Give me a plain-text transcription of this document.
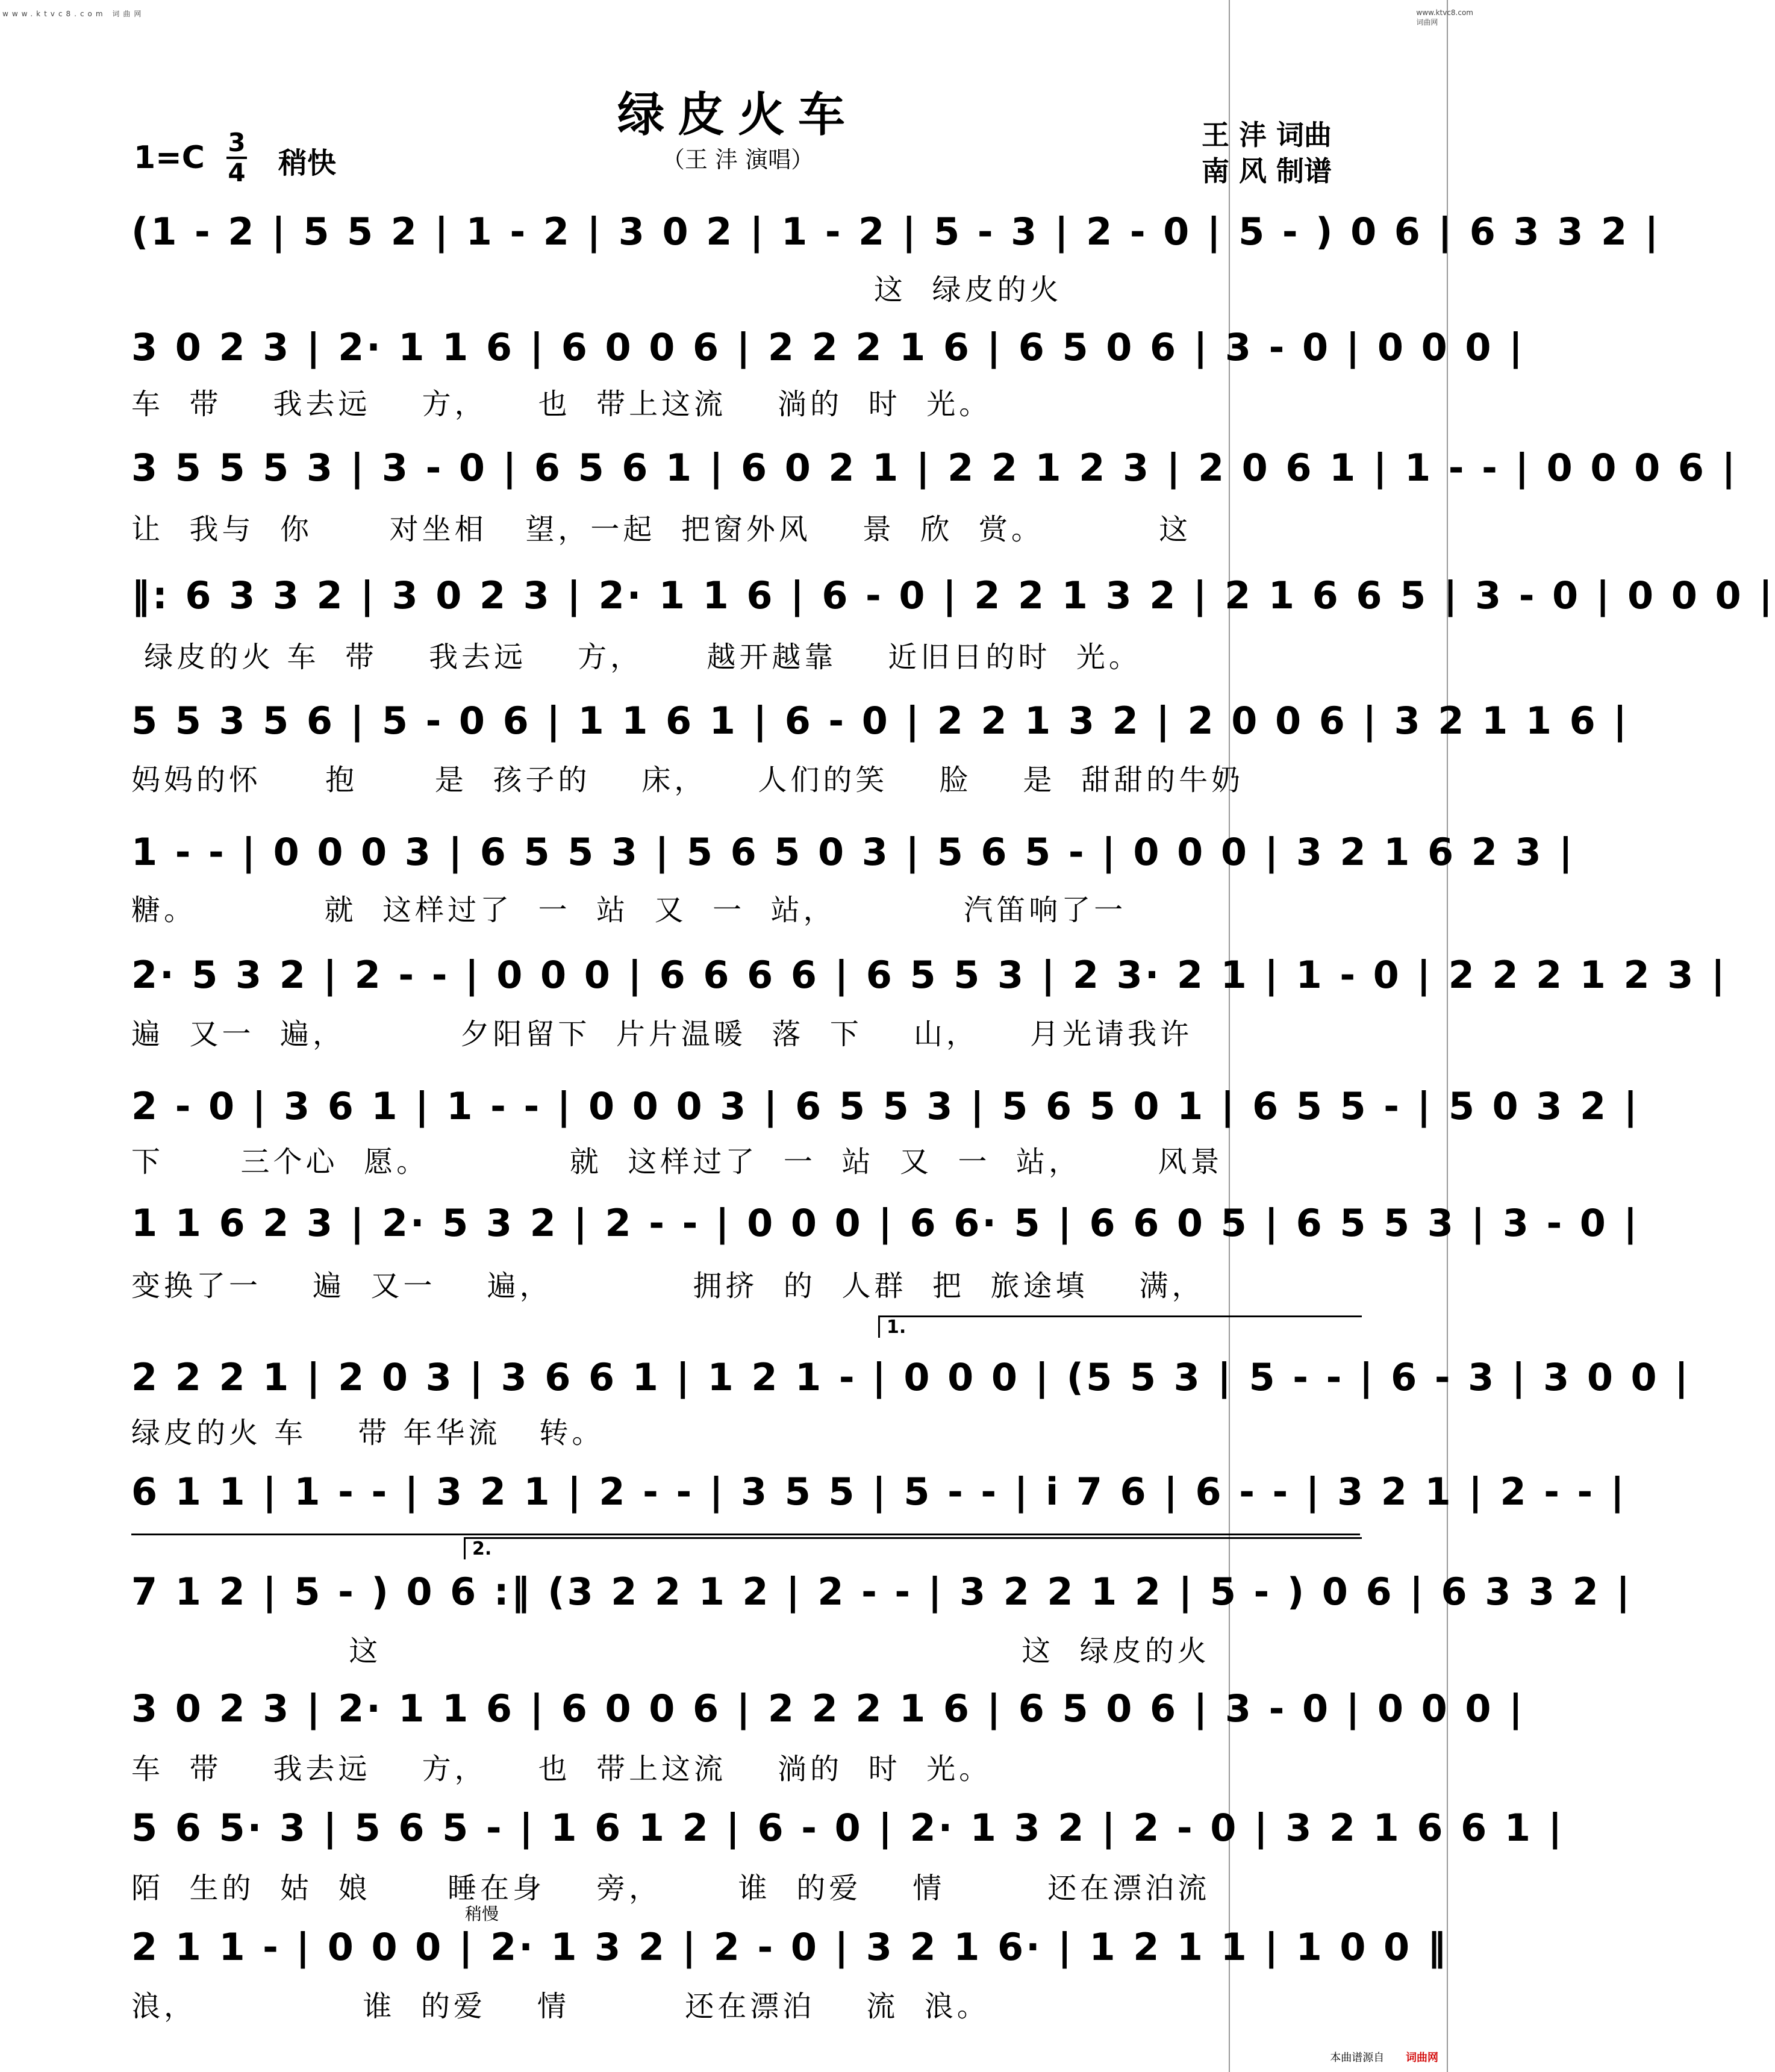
www.ktvc8.com 词曲网	www.ktvc8.com 词曲网
绿皮火车
（王 沣 演唱）
1=C 3
4 稍快
王 沣 词曲
南 风 制谱
(1 - 2 | 5 5 2 | 1 - 2 | 3 0 2 | 1 - 2 | 5 - 3 | 2 - 0 | 5 - ) 0 6 | 6 3 3 2 |
这  绿皮的火
3 0 2 3 | 2· 1 1 6 | 6 0 0 6 | 2 2 2 1 6 | 6 5 0 6 | 3 - 0 | 0 0 0 |
车  带    我去远    方，    也  带上这流    淌的  时  光。
3 5 5 5 3 | 3 - 0 | 6 5 6 1 | 6 0 2 1 | 2 2 1 2 3 | 2 0 6 1 | 1 - - | 0 0 0 6 |
让  我与  你      对坐相   望，一起  把窗外风    景  欣  赏。         这
‖: 6 3 3 2 | 3 0 2 3 | 2· 1 1 6 | 6 - 0 | 2 2 1 3 2 | 2 1 6 6 5 | 3 - 0 | 0 0 0 |
绿皮的火 车  带    我去远    方，     越开越靠    近旧日的时  光。
5 5 3 5 6 | 5 - 0 6 | 1 1 6 1 | 6 - 0 | 2 2 1 3 2 | 2 0 0 6 | 3 2 1 1 6 |
妈妈的怀     抱      是  孩子的    床，    人们的笑    脸    是  甜甜的牛奶
1 - - | 0 0 0 3 | 6 5 5 3 | 5 6 5 0 3 | 5 6 5 - | 0 0 0 | 3 2 1 6 2 3 |
糖。          就  这样过了  一  站  又  一  站，          汽笛响了一
2· 5 3 2 | 2 - - | 0 0 0 | 6 6 6 6 | 6 5 5 3 | 2 3· 2 1 | 1 - 0 | 2 2 2 1 2 3 |
遍  又一  遍，         夕阳留下  片片温暖  落  下    山，    月光请我许
2 - 0 | 3 6 1 | 1 - - | 0 0 0 3 | 6 5 5 3 | 5 6 5 0 1 | 6 5 5 - | 5 0 3 2 |
下      三个心  愿。           就  这样过了  一  站  又  一  站，      风景
1 1 6 2 3 | 2· 5 3 2 | 2 - - | 0 0 0 | 6 6· 5 | 6 6 0 5 | 6 5 5 3 | 3 - 0 |
变换了一    遍  又一    遍，           拥挤  的  人群  把  旅途填    满，
1.
2 2 2 1 | 2 0 3 | 3 6 6 1 | 1 2 1 - | 0 0 0 | (5 5 3 | 5 - - | 6 - 3 | 3 0 0 |
绿皮的火 车    带 年华流   转。
6 1 1 | 1 - - | 3 2 1 | 2 - - | 3 5 5 | 5 - - | i 7 6 | 6 - - | 3 2 1 | 2 - - |
2.
7 1 2 | 5 - ) 0 6 :‖ (3 2 2 1 2 | 2 - - | 3 2 2 1 2 | 5 - ) 0 6 | 6 3 3 2 |
这                                                  这  绿皮的火
3 0 2 3 | 2· 1 1 6 | 6 0 0 6 | 2 2 2 1 6 | 6 5 0 6 | 3 - 0 | 0 0 0 |
车  带    我去远    方，    也  带上这流    淌的  时  光。
5 6 5· 3 | 5 6 5 - | 1 6 1 2 | 6 - 0 | 2· 1 3 2 | 2 - 0 | 3 2 1 6 6 1 |
陌  生的  姑  娘      睡在身    旁，      谁  的爱    情        还在漂泊流
稍慢
2 1 1 - | 0 0 0 | 2· 1 3 2 | 2 - 0 | 3 2 1 6· | 1 2 1 1 | 1 0 0 ‖
浪，             谁  的爱    情         还在漂泊    流  浪。
本曲谱源自 词曲网
